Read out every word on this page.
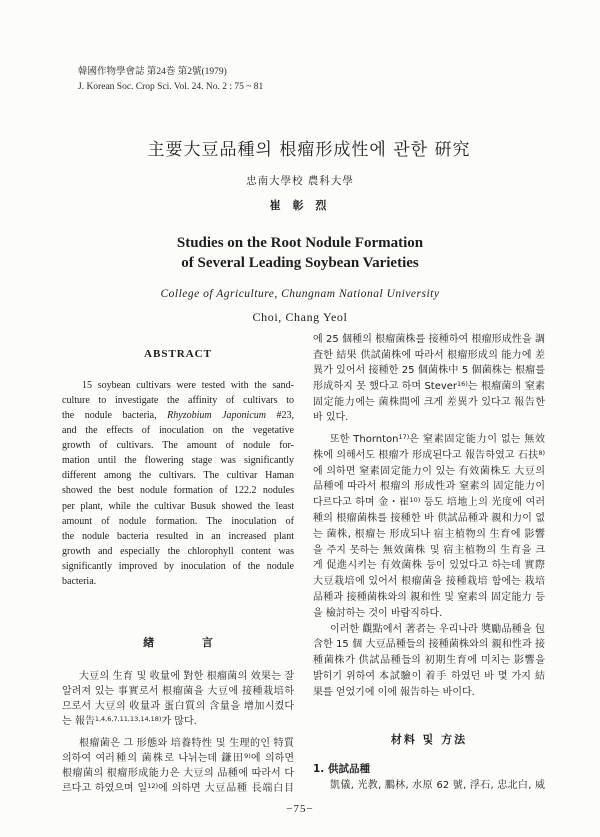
韓國作物學會誌 第24巻 第2號(1979)
J. Korean Soc. Crop Sci. Vol. 24. No. 2 : 75 ~ 81
主要大豆品種의 根瘤形成性에 관한 硏究
忠南大學校 農科大學
崔 彰 烈
Studies on the Root Nodule Formation
of Several Leading Soybean Varieties
College of Agriculture, Chungnam National University
Choi, Chang Yeol
ABSTRACT
15 soybean cultivars were tested with the sand-
culture to investigate the affinity of cultivars to
the nodule bacteria, Rhyzobium Japonicum #23,
and the effects of inoculation on the vegetative
growth of cultivars. The amount of nodule for-
mation until the flowering stage was significantly
different among the cultivars. The cultivar Haman
showed the best nodule formation of 122.2 nodules
per plant, while the cultivar Busuk showed the least
amount of nodule formation. The inoculation of
the nodule bacteria resulted in an increased plant
growth and especially the chlorophyll content was
significantly improved by inoculation of the nodule
bacteria.
緖 言
大豆의 生育 및 收量에 對한 根瘤菌의 效果는 잘
알려져 있는 事實로서 根瘤菌을 大豆에 接種栽培하
므로서 大豆의 收量과 蛋白質의 含量을 增加시켰다
는 報告$^{1,4,6,7,11,13,14,18)}$가 많다.
根瘤菌은 그 形態와 培養特性 및 生理的인 特質
의하여 여러種의 菌株로 나뉘는데 鎌田$^{9)}$에 의하면
根瘤菌의 根瘤形成能力은 大豆의 品種에 따라서 다
르다고 하였으며 일$^{12)}$에 의하면 大豆品種 長端白目
에 25 個種의 根瘤菌株를 接種하여 根瘤形成性을 調
査한 結果 供試菌株에 따라서 根瘤形成의 能力에 差
異가 있어서 接種한 25 個菌株中 5 個菌株는 根瘤를
形成하지 못 했다고 하며 Stever$^{16)}$는 根瘤菌의 窒素
固定能力에는 菌株間에 크게 差異가 있다고 報告한
바 있다.
또한 Thornton$^{17)}$은 窒素固定能力이 없는 無效
株에 의해서도 根瘤가 形成된다고 報告하였고 石扶$^{8)}$
에 의하면 窒素固定能力이 있는 有效菌株도 大豆의
品種에 따라서 根瘤의 形成性과 窒素의 固定能力이
다르다고 하며 金・崔$^{10)}$ 등도 培地上의 光度에 여러
種의 根瘤菌株를 接種한 바 供試品種과 親和力이 없
는 菌株, 根瘤는 形成되나 宿主植物의 生育에 影響
을 주지 못하는 無效菌株 및 宿主植物의 生育을 크
게 促進시키는 有效菌株 등이 있었다고 하는데 實際
大豆栽培에 있어서 根瘤菌을 接種栽培 함에는 栽培
品種과 接種菌株와의 親和性 및 窒素의 固定能力 등
을 檢討하는 것이 바람직하다.
이러한 觀點에서 著者는 우리나라 奬勵品種을 包
含한 15 個 大豆品種들의 接種菌株와의 親和性과 接
種菌株가 供試品種들의 初期生育에 미치는 影響을
밝히기 위하여 本試驗이 着手 하였던 바 몇 가지 結
果를 얻었기에 이에 報告하는 바이다.
材料 및 方法
1. 供試品種
凱儀, 光教, 鵬林, 水原 62 號, 浮石, 忠北白, 威
−75−
